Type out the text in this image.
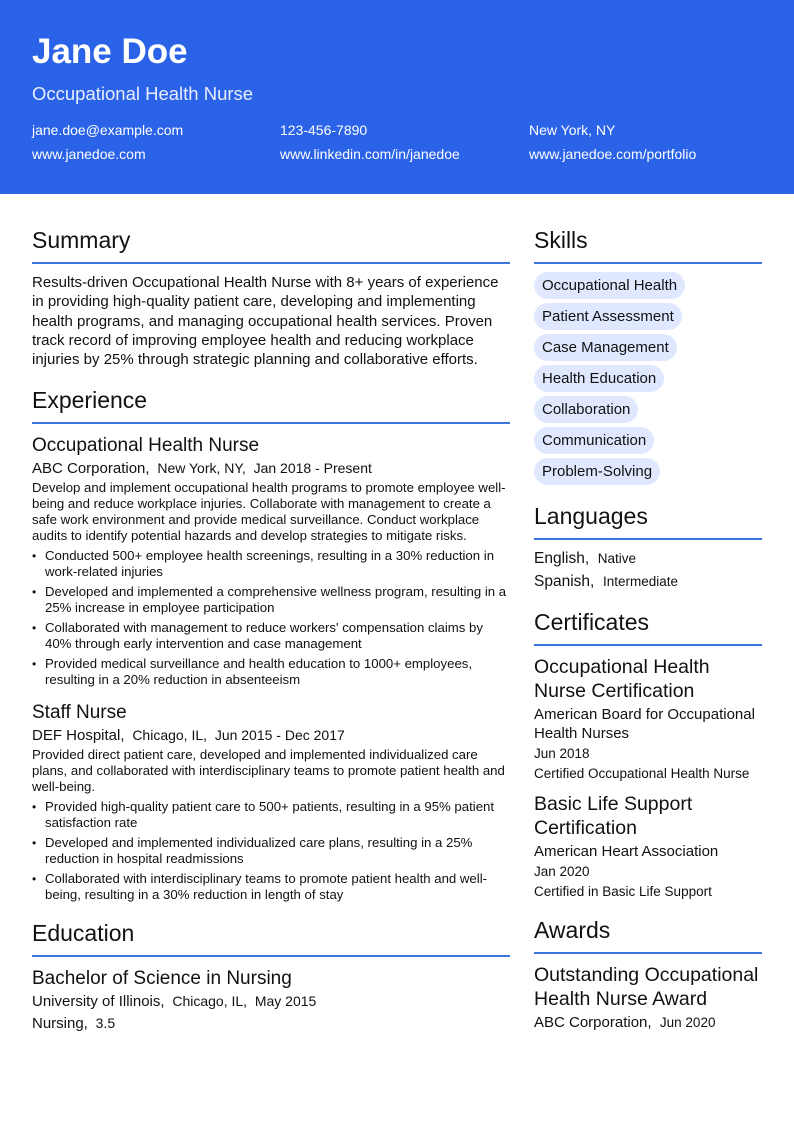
Jane Doe
Occupational Health Nurse
jane.doe@example.com	123-456-7890	New York, NY
www.janedoe.com	www.linkedin.com/in/janedoe	www.janedoe.com/portfolio
Summary

Results-driven Occupational Health Nurse with 8+ years of experience in providing high-quality patient care, developing and implementing health programs, and managing occupational health services. Proven track record of improving employee health and reducing workplace injuries by 25% through strategic planning and collaborative efforts.

Experience
Occupational Health Nurse
ABC Corporation, New York, NY, Jan 2018 - Present

Develop and implement occupational health programs to promote employee well-being and reduce workplace injuries. Collaborate with management to create a safe work environment and provide medical surveillance. Conduct workplace audits to identify potential hazards and develop strategies to mitigate risks.

• Conducted 500+ employee health screenings, resulting in a 30% reduction in work-related injuries
• Developed and implemented a comprehensive wellness program, resulting in a 25% increase in employee participation
• Collaborated with management to reduce workers' compensation claims by 40% through early intervention and case management
• Provided medical surveillance and health education to 1000+ employees, resulting in a 20% reduction in absenteeism
Staff Nurse
DEF Hospital, Chicago, IL, Jun 2015 - Dec 2017

Provided direct patient care, developed and implemented individualized care plans, and collaborated with interdisciplinary teams to promote patient health and well-being.

• Provided high-quality patient care to 500+ patients, resulting in a 95% patient satisfaction rate
• Developed and implemented individualized care plans, resulting in a 25% reduction in hospital readmissions
• Collaborated with interdisciplinary teams to promote patient health and well-being, resulting in a 30% reduction in length of stay
Education
Bachelor of Science in Nursing
University of Illinois, Chicago, IL, May 2015
Nursing, 3.5
Skills
Occupational Health
Patient Assessment
Case Management
Health Education
Collaboration
Communication
Problem-Solving
Languages
English, Native
Spanish, Intermediate
Certificates
Occupational Health Nurse Certification
American Board for Occupational Health Nurses
Jun 2018
Certified Occupational Health Nurse
Basic Life Support Certification
American Heart Association
Jan 2020
Certified in Basic Life Support
Awards
Outstanding Occupational Health Nurse Award
ABC Corporation, Jun 2020
